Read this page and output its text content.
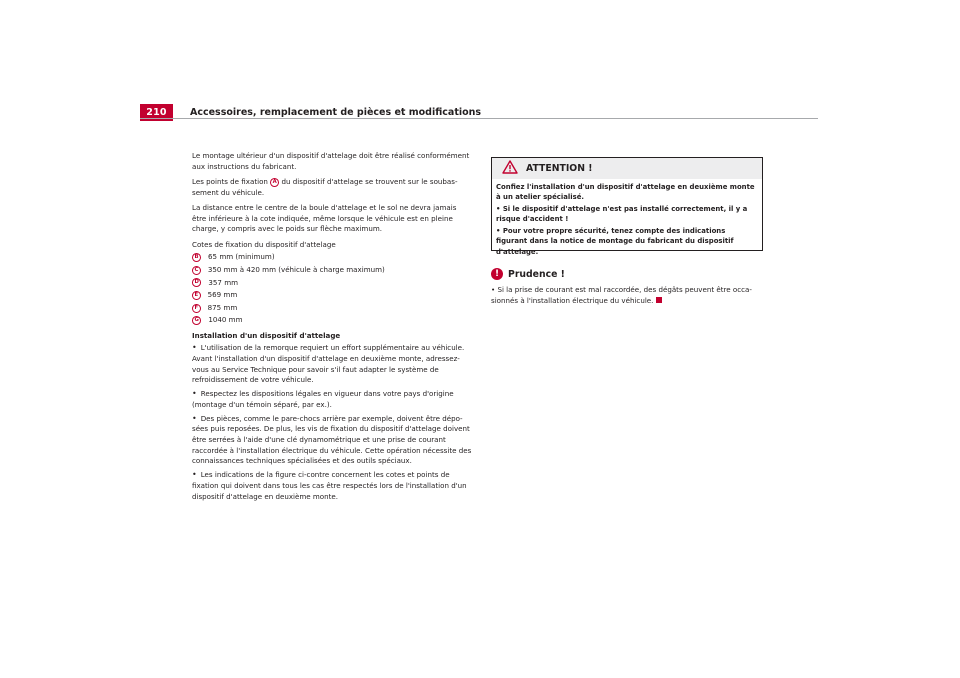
210	Accessoires, remplacement de pièces et modifications

Le montage ultérieur d'un dispositif d'attelage doit être réalisé conformément aux instructions du fabricant.

Les points de fixation A du dispositif d'attelage se trouvent sur le soubassement du véhicule.

La distance entre le centre de la boule d'attelage et le sol ne devra jamais être inférieure à la cote indiquée, même lorsque le véhicule est en pleine charge, y compris avec le poids sur flèche maximum.

Cotes de fixation du dispositif d'attelage

B	65 mm (minimum)
C	350 mm à 420 mm (véhicule à charge maximum)
D	357 mm
E	569 mm
F	875 mm
G	1040 mm
Installation d'un dispositif d'attelage
• L'utilisation de la remorque requiert un effort supplémentaire au véhicule. Avant l'installation d'un dispositif d'attelage en deuxième monte, adressez-vous au Service Technique pour savoir s'il faut adapter le système de refroidissement de votre véhicule.
• Respectez les dispositions légales en vigueur dans votre pays d'origine (montage d'un témoin séparé, par ex.).
• Des pièces, comme le pare-chocs arrière par exemple, doivent être déposées puis reposées. De plus, les vis de fixation du dispositif d'attelage doivent être serrées à l'aide d'une clé dynamométrique et une prise de courant raccordée à l'installation électrique du véhicule. Cette opération nécessite des connaissances techniques spécialisées et des outils spéciaux.
• Les indications de la figure ci-contre concernent les cotes et points de fixation qui doivent dans tous les cas être respectés lors de l'installation d'un dispositif d'attelage en deuxième monte.
ATTENTION !

Confiez l'installation d'un dispositif d'attelage en deuxième monte à un atelier spécialisé.

• Si le dispositif d'attelage n'est pas installé correctement, il y a risque d'accident !

• Pour votre propre sécurité, tenez compte des indications figurant dans la notice de montage du fabricant du dispositif d'attelage.

! Prudence !
• Si la prise de courant est mal raccordée, des dégâts peuvent être occasionnés à l'installation électrique du véhicule.
